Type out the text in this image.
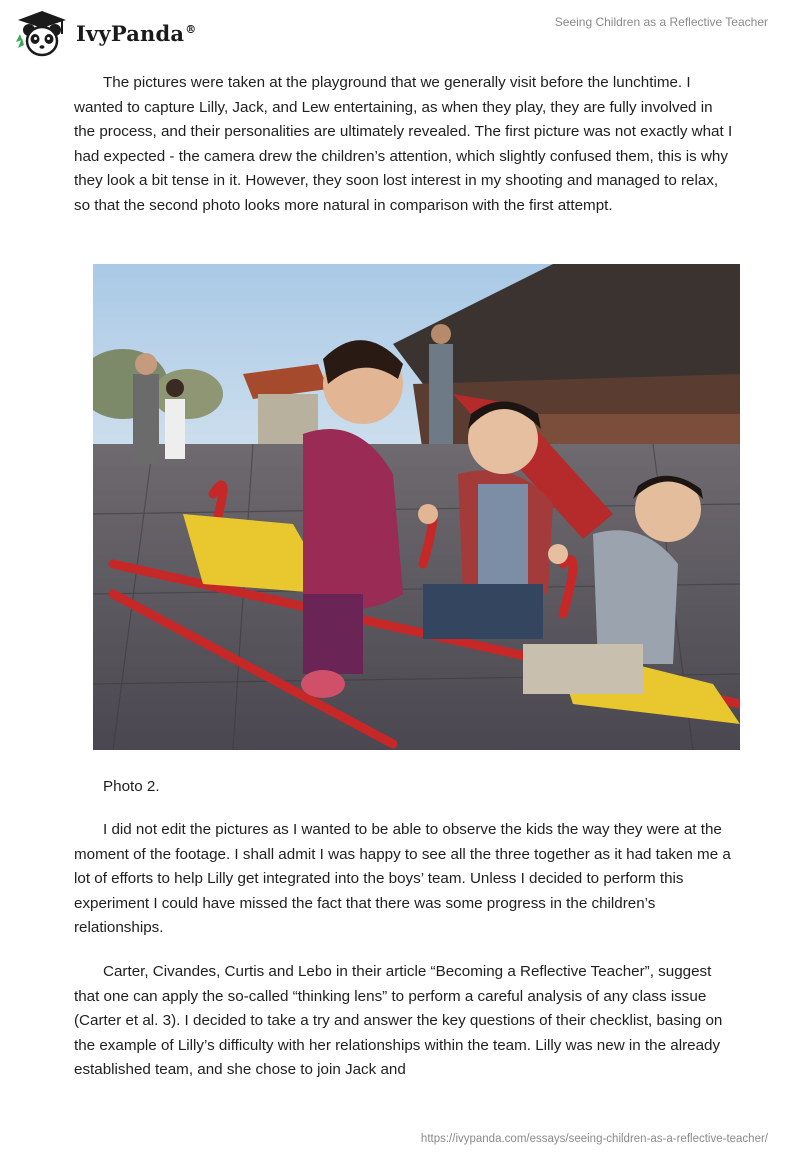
IvyPanda®	Seeing Children as a Reflective Teacher

The pictures were taken at the playground that we generally visit before the lunchtime. I wanted to capture Lilly, Jack, and Lew entertaining, as when they play, they are fully involved in the process, and their personalities are ultimately revealed. The first picture was not exactly what I had expected - the camera drew the children’s attention, which slightly confused them, this is why they look a bit tense in it. However, they soon lost interest in my shooting and managed to relax, so that the second photo looks more natural in comparison with the first attempt.

Photo 2.

I did not edit the pictures as I wanted to be able to observe the kids the way they were at the moment of the footage. I shall admit I was happy to see all the three together as it had taken me a lot of efforts to help Lilly get integrated into the boys’ team. Unless I decided to perform this experiment I could have missed the fact that there was some progress in the children’s relationships.

Carter, Civandes, Curtis and Lebo in their article “Becoming a Reflective Teacher”, suggest that one can apply the so-called “thinking lens” to perform a careful analysis of any class issue (Carter et al. 3). I decided to take a try and answer the key questions of their checklist, basing on the example of Lilly’s difficulty with her relationships within the team. Lilly was new in the already established team, and she chose to join Jack and

https://ivypanda.com/essays/seeing-children-as-a-reflective-teacher/
